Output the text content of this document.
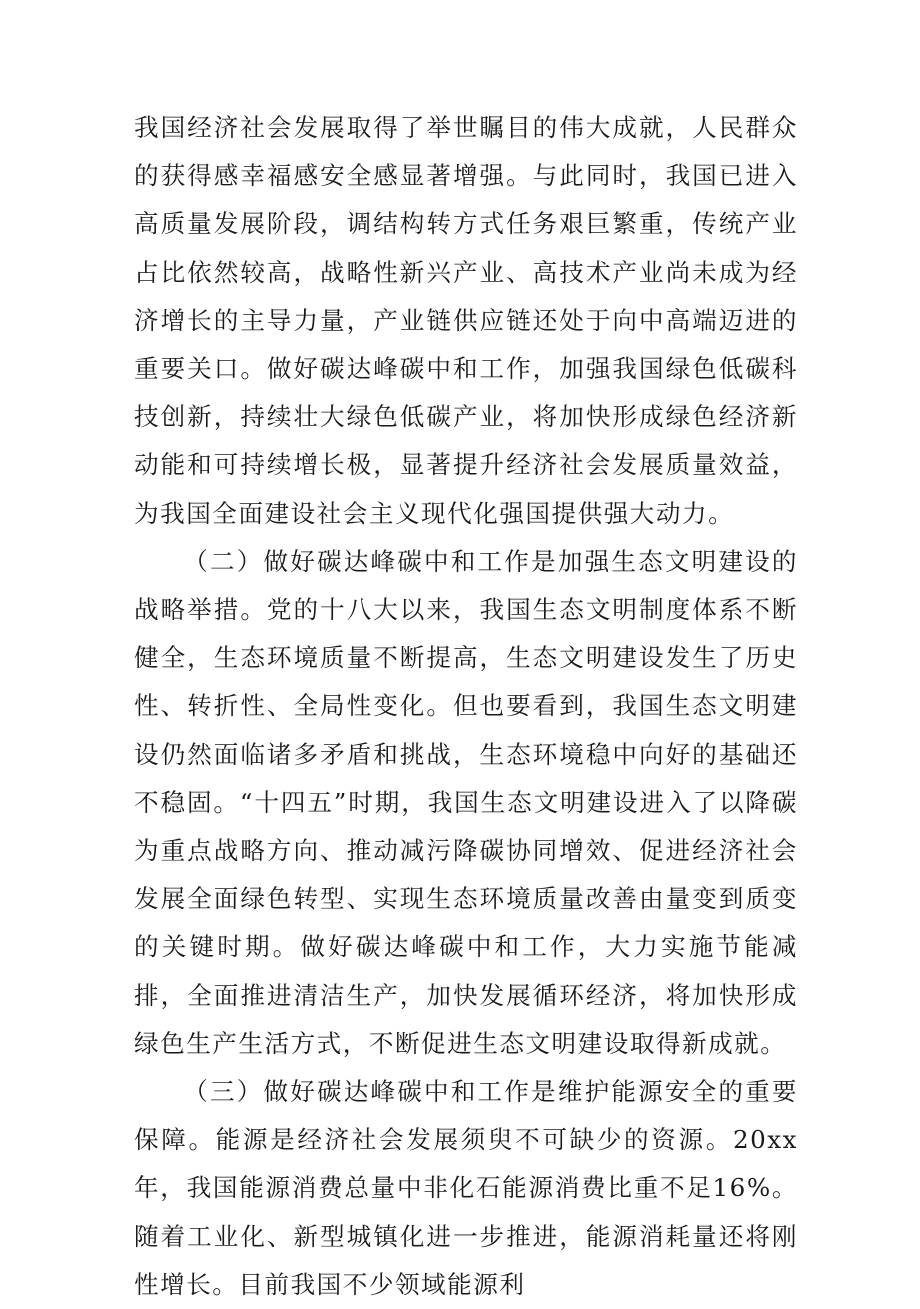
我国经济社会发展取得了举世瞩目的伟大成就，人民群众的获得感幸福感安全感显著增强。与此同时，我国已进入高质量发展阶段，调结构转方式任务艰巨繁重，传统产业占比依然较高，战略性新兴产业、高技术产业尚未成为经济增长的主导力量，产业链供应链还处于向中高端迈进的重要关口。做好碳达峰碳中和工作，加强我国绿色低碳科技创新，持续壮大绿色低碳产业，将加快形成绿色经济新动能和可持续增长极，显著提升经济社会发展质量效益，为我国全面建设社会主义现代化强国提供强大动力。

（二）做好碳达峰碳中和工作是加强生态文明建设的战略举措。党的十八大以来，我国生态文明制度体系不断健全，生态环境质量不断提高，生态文明建设发生了历史性、转折性、全局性变化。但也要看到，我国生态文明建设仍然面临诸多矛盾和挑战，生态环境稳中向好的基础还不稳固。“十四五”时期，我国生态文明建设进入了以降碳为重点战略方向、推动减污降碳协同增效、促进经济社会发展全面绿色转型、实现生态环境质量改善由量变到质变的关键时期。做好碳达峰碳中和工作，大力实施节能减排，全面推进清洁生产，加快发展循环经济，将加快形成绿色生产生活方式，不断促进生态文明建设取得新成就。

（三）做好碳达峰碳中和工作是维护能源安全的重要保障。能源是经济社会发展须臾不可缺少的资源。20xx 年，我国能源消费总量中非化石能源消费比重不足16%。随着工业化、新型城镇化进一步推进，能源消耗量还将刚性增长。目前我国不少领域能源利
